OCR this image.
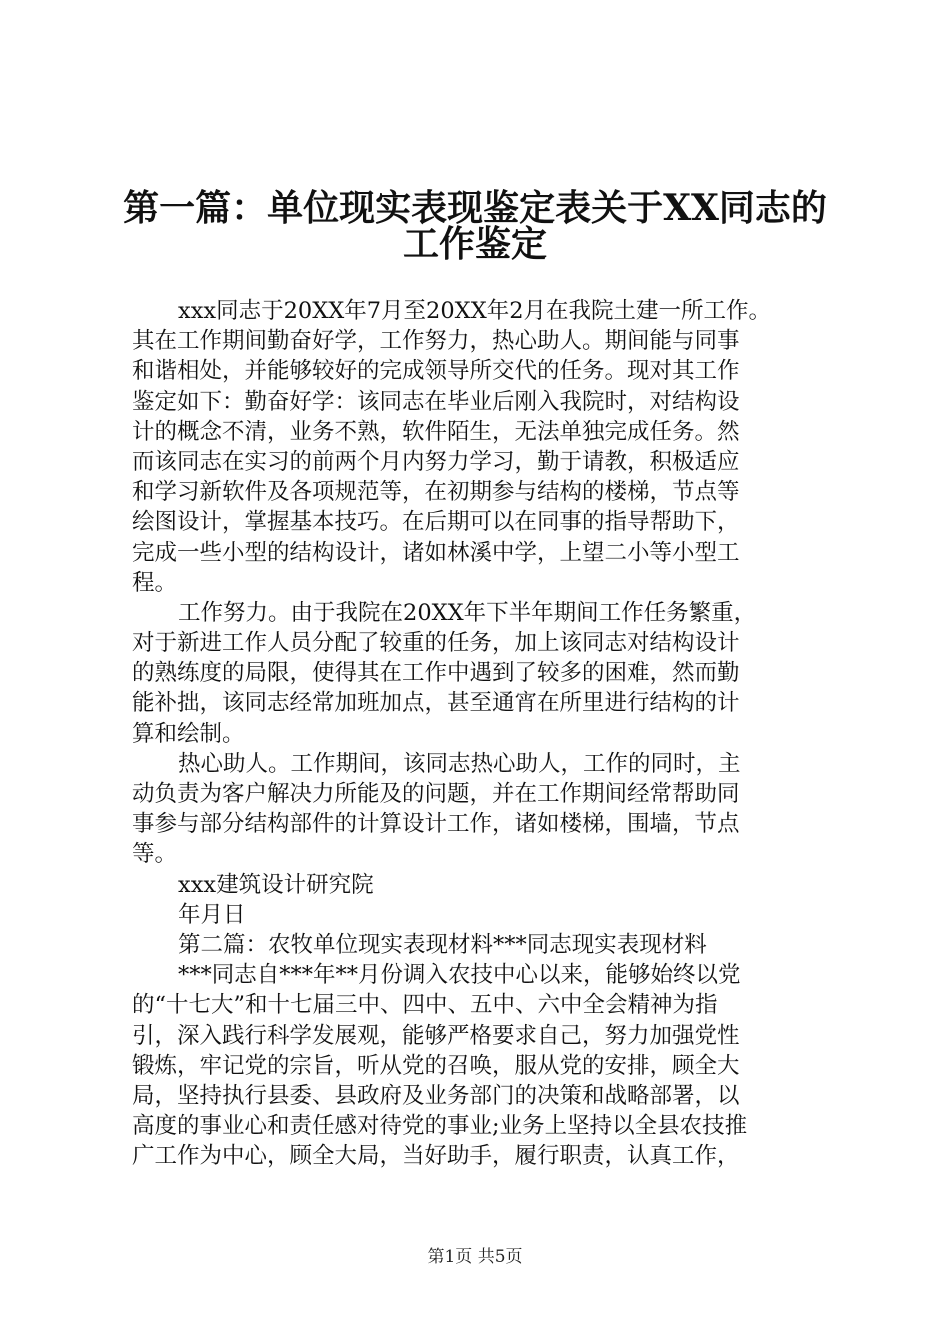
第一篇：单位现实表现鉴定表关于XX同志的
工作鉴定
xxx同志于20XX年7月至20XX年2月在我院土建一所工作。
其在工作期间勤奋好学，工作努力，热心助人。期间能与同事
和谐相处，并能够较好的完成领导所交代的任务。现对其工作
鉴定如下：勤奋好学：该同志在毕业后刚入我院时，对结构设
计的概念不清，业务不熟，软件陌生，无法单独完成任务。然
而该同志在实习的前两个月内努力学习，勤于请教，积极适应
和学习新软件及各项规范等，在初期参与结构的楼梯，节点等
绘图设计，掌握基本技巧。在后期可以在同事的指导帮助下，
完成一些小型的结构设计，诸如林溪中学，上望二小等小型工
程。
工作努力。由于我院在20XX年下半年期间工作任务繁重，
对于新进工作人员分配了较重的任务，加上该同志对结构设计
的熟练度的局限，使得其在工作中遇到了较多的困难，然而勤
能补拙，该同志经常加班加点，甚至通宵在所里进行结构的计
算和绘制。
热心助人。工作期间，该同志热心助人，工作的同时，主
动负责为客户解决力所能及的问题，并在工作期间经常帮助同
事参与部分结构部件的计算设计工作，诸如楼梯，围墙，节点
等。
xxx建筑设计研究院
年月日
第二篇：农牧单位现实表现材料***同志现实表现材料
***同志自***年**月份调入农技中心以来，能够始终以党
的“十七大”和十七届三中、四中、五中、六中全会精神为指
引，深入践行科学发展观，能够严格要求自己，努力加强党性
锻炼，牢记党的宗旨，听从党的召唤，服从党的安排，顾全大
局，坚持执行县委、县政府及业务部门的决策和战略部署，以
高度的事业心和责任感对待党的事业;业务上坚持以全县农技推
广工作为中心，顾全大局，当好助手，履行职责，认真工作，
第1页 共5页
